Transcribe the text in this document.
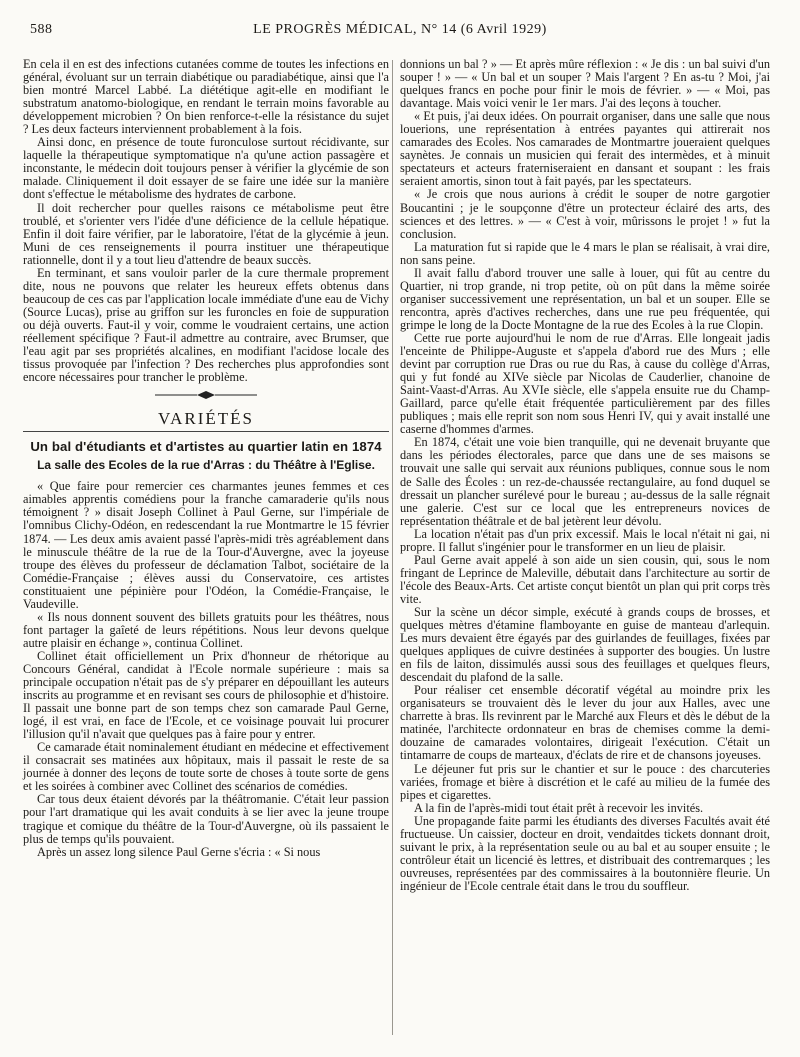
588	LE PROGRÈS MÉDICAL, N° 14 (6 Avril 1929)

En cela il en est des infections cutanées comme de toutes les infections en général, évoluant sur un terrain diabétique ou paradiabétique, ainsi que l'a bien montré Marcel Labbé. La diététique agit-elle en modifiant le substratum anatomo-biologique, en rendant le terrain moins favorable au développement microbien ? On bien renforce-t-elle la résistance du sujet ? Les deux facteurs interviennent probablement à la fois.

Ainsi donc, en présence de toute furonculose surtout récidivante, sur laquelle la thérapeutique symptomatique n'a qu'une action passagère et inconstante, le médecin doit toujours penser à vérifier la glycémie de son malade. Cliniquement il doit essayer de se faire une idée sur la manière dont s'effectue le métabolisme des hydrates de carbone.

Il doit rechercher pour quelles raisons ce métabolisme peut être troublé, et s'orienter vers l'idée d'une déficience de la cellule hépatique. Enfin il doit faire vérifier, par le laboratoire, l'état de la glycémie à jeun. Muni de ces renseignements il pourra instituer une thérapeutique rationnelle, dont il y a tout lieu d'attendre de beaux succès.

En terminant, et sans vouloir parler de la cure thermale proprement dite, nous ne pouvons que relater les heureux effets obtenus dans beaucoup de ces cas par l'application locale immédiate d'une eau de Vichy (Source Lucas), prise au griffon sur les furoncles en foie de suppuration ou déjà ouverts. Faut-il y voir, comme le voudraient certains, une action réellement spécifique ? Faut-il admettre au contraire, avec Brumser, que l'eau agit par ses propriétés alcalines, en modifiant l'acidose locale des tissus provoquée par l'infection ? Des recherches plus approfondies sont encore nécessaires pour trancher le problème.

VARIÉTÉS
Un bal d'étudiants et d'artistes au quartier latin en 1874
La salle des Ecoles de la rue d'Arras : du Théâtre à l'Eglise.

« Que faire pour remercier ces charmantes jeunes femmes et ces aimables apprentis comédiens pour la franche camaraderie qu'ils nous témoignent ? » disait Joseph Collinet à Paul Gerne, sur l'impériale de l'omnibus Clichy-Odéon, en redescendant la rue Montmartre le 15 février 1874. — Les deux amis avaient passé l'après-midi très agréablement dans le minuscule théâtre de la rue de la Tour-d'Auvergne, avec la joyeuse troupe des élèves du professeur de déclamation Talbot, sociétaire de la Comédie-Française ; élèves aussi du Conservatoire, ces artistes constituaient une pépinière pour l'Odéon, la Comédie-Française, le Vaudeville.

« Ils nous donnent souvent des billets gratuits pour les théâtres, nous font partager la gaîeté de leurs répétitions. Nous leur devons quelque autre plaisir en échange », continua Collinet.

Collinet était officiellement un Prix d'honneur de rhétorique au Concours Général, candidat à l'Ecole normale supérieure : mais sa principale occupation n'était pas de s'y préparer en dépouillant les auteurs inscrits au programme et en revisant ses cours de philosophie et d'histoire. Il passait une bonne part de son temps chez son camarade Paul Gerne, logé, il est vrai, en face de l'Ecole, et ce voisinage pouvait lui procurer l'illusion qu'il n'avait que quelques pas à faire pour y entrer.

Ce camarade était nominalement étudiant en médecine et effectivement il consacrait ses matinées aux hôpitaux, mais il passait le reste de sa journée à donner des leçons de toute sorte de choses à toute sorte de gens et les soirées à combiner avec Collinet des scénarios de comédies.

Car tous deux étaient dévorés par la théâtromanie. C'était leur passion pour l'art dramatique qui les avait conduits à se lier avec la jeune troupe tragique et comique du théâtre de la Tour-d'Auvergne, où ils passaient le plus de temps qu'ils pouvaient.

Après un assez long silence Paul Gerne s'écria : « Si nous

donnions un bal ? » — Et après mûre réflexion : « Je dis : un bal suivi d'un souper ! » — « Un bal et un souper ? Mais l'argent ? En as-tu ? Moi, j'ai quelques francs en poche pour finir le mois de février. » — « Moi, pas davantage. Mais voici venir le 1er mars. J'ai des leçons à toucher.

« Et puis, j'ai deux idées. On pourrait organiser, dans une salle que nous louerions, une représentation à entrées payantes qui attirerait nos camarades des Ecoles. Nos camarades de Montmartre joueraient quelques saynètes. Je connais un musicien qui ferait des intermèdes, et à minuit spectateurs et acteurs fraterniseraient en dansant et soupant : les frais seraient amortis, sinon tout à fait payés, par les spectateurs.

« Je crois que nous aurions à crédit le souper de notre gargotier Boucantini ; je le soupçonne d'être un protecteur éclairé des arts, des sciences et des lettres. » — « C'est à voir, mûrissons le projet ! » fut la conclusion.

La maturation fut si rapide que le 4 mars le plan se réalisait, à vrai dire, non sans peine.

Il avait fallu d'abord trouver une salle à louer, qui fût au centre du Quartier, ni trop grande, ni trop petite, où on pût dans la même soirée organiser successivement une représentation, un bal et un souper. Elle se rencontra, après d'actives recherches, dans une rue peu fréquentée, qui grimpe le long de la Docte Montagne de la rue des Ecoles à la rue Clopin.

Cette rue porte aujourd'hui le nom de rue d'Arras. Elle longeait jadis l'enceinte de Philippe-Auguste et s'appela d'abord rue des Murs ; elle devint par corruption rue Dras ou rue du Ras, à cause du collège d'Arras, qui y fut fondé au XIVe siècle par Nicolas de Cauderlier, chanoine de Saint-Vaast-d'Arras. Au XVIe siècle, elle s'appela ensuite rue du Champ-Gaillard, parce qu'elle était fréquentée particulièrement par des filles publiques ; mais elle reprit son nom sous Henri IV, qui y avait installé une caserne d'hommes d'armes.

En 1874, c'était une voie bien tranquille, qui ne devenait bruyante que dans les périodes électorales, parce que dans une de ses maisons se trouvait une salle qui servait aux réunions publiques, connue sous le nom de Salle des Écoles : un rez-de-chaussée rectangulaire, au fond duquel se dressait un plancher surélevé pour le bureau ; au-dessus de la salle régnait une galerie. C'est sur ce local que les entrepreneurs novices de représentation théâtrale et de bal jetèrent leur dévolu.

La location n'était pas d'un prix excessif. Mais le local n'était ni gai, ni propre. Il fallut s'ingénier pour le transformer en un lieu de plaisir.

Paul Gerne avait appelé à son aide un sien cousin, qui, sous le nom fringant de Leprince de Maleville, débutait dans l'architecture au sortir de l'école des Beaux-Arts. Cet artiste conçut bientôt un plan qui prit corps très vite.

Sur la scène un décor simple, exécuté à grands coups de brosses, et quelques mètres d'étamine flamboyante en guise de manteau d'arlequin. Les murs devaient être égayés par des guirlandes de feuillages, fixées par quelques appliques de cuivre destinées à supporter des bougies. Un lustre en fils de laiton, dissimulés aussi sous des feuillages et quelques fleurs, descendait du plafond de la salle.

Pour réaliser cet ensemble décoratif végétal au moindre prix les organisateurs se trouvaient dès le lever du jour aux Halles, avec une charrette à bras. Ils revinrent par le Marché aux Fleurs et dès le début de la matinée, l'architecte ordonnateur en bras de chemises comme la demi-douzaine de camarades volontaires, dirigeait l'exécution. C'était un tintamarre de coups de marteaux, d'éclats de rire et de chansons joyeuses.

Le déjeuner fut pris sur le chantier et sur le pouce : des charcuteries variées, fromage et bière à discrétion et le café au milieu de la fumée des pipes et cigarettes.

A la fin de l'après-midi tout était prêt à recevoir les invités.

Une propagande faite parmi les étudiants des diverses Facultés avait été fructueuse. Un caissier, docteur en droit, vendaitdes tickets donnant droit, suivant le prix, à la représentation seule ou au bal et au souper ensuite ; le contrôleur était un licencié ès lettres, et distribuait des contremarques ; les ouvreuses, représentées par des commissaires à la boutonnière fleurie. Un ingénieur de l'Ecole centrale était dans le trou du souffleur.
